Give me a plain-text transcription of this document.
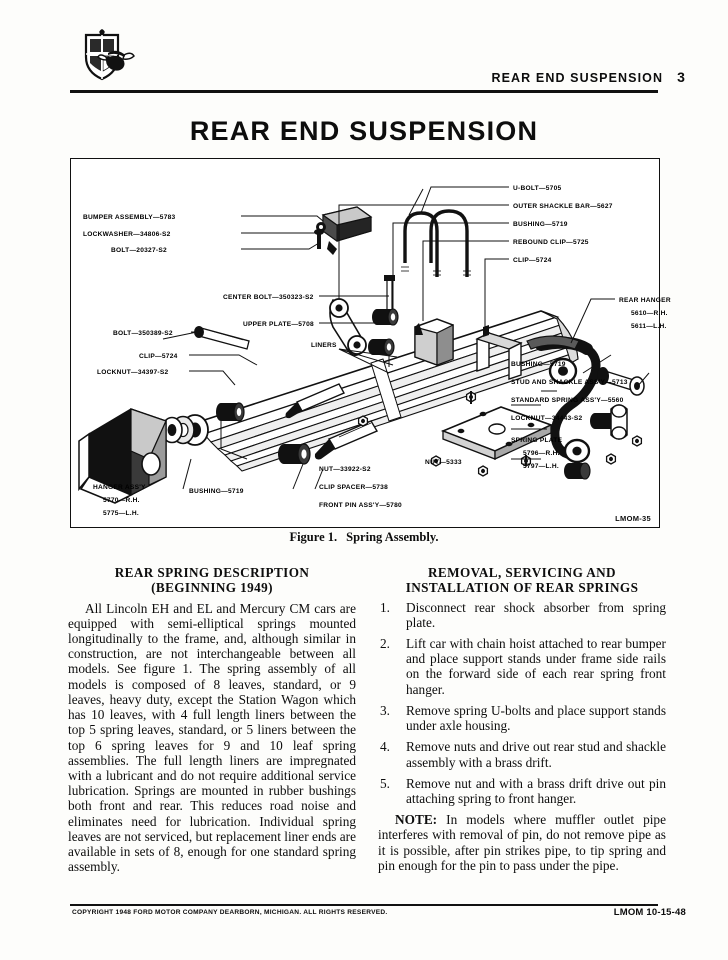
REAR END SUSPENSION 3
REAR END SUSPENSION
BUMPER ASSEMBLY—5783
LOCKWASHER—34806-S2
BOLT—20327-S2
CENTER BOLT—350323-S2
UPPER PLATE—5708
BOLT—350389-S2
CLIP—5724
LINERS
LOCKNUT—34397-S2
BUSHING—5719
NUT—33922-S2
CLIP SPACER—5738
FRONT PIN ASS'Y—5780
HANGER ASS'Y
5770—R.H.
5775—L.H.
U-BOLT—5705
OUTER SHACKLE BAR—5627
BUSHING—5719
REBOUND CLIP—5725
CLIP—5724
REAR HANGER
5610—R.H.
5611—L.H.
BUSHING—5719
STUD AND SHACKLE ASS'Y—5713
STANDARD SPRING ASS'Y—5560
LOCKNUT—34443-S2
SPRING PLATE
5796—R.H.
5797—L.H.
NUT—5333
LMOM-35
Figure 1. Spring Assembly.
REAR SPRING DESCRIPTION
(BEGINNING 1949)

All Lincoln EH and EL and Mercury CM cars are equipped with semi-elliptical springs mounted longitudinally to the frame, and, although similar in construction, are not interchangeable between all models. See figure 1. The spring assembly of all models is composed of 8 leaves, standard, or 9 leaves, heavy duty, except the Station Wagon which has 10 leaves, with 4 full length liners between the top 5 spring leaves, standard, or 5 liners between the top 6 spring leaves for 9 and 10 leaf spring assemblies. The full length liners are impregnated with a lubricant and do not require additional service lubrication. Springs are mounted in rubber bushings both front and rear. This reduces road noise and eliminates need for lubrication. Individual spring leaves are not serviced, but replacement liner ends are available in sets of 8, enough for one standard spring assembly.

REMOVAL, SERVICING AND
INSTALLATION OF REAR SPRINGS
1. Disconnect rear shock absorber from spring plate.
2. Lift car with chain hoist attached to rear bumper and place support stands under frame side rails on the forward side of each rear spring front hanger.
3. Remove spring U-bolts and place support stands under axle housing.
4. Remove nuts and drive out rear stud and shackle assembly with a brass drift.
5. Remove nut and with a brass drift drive out pin attaching spring to front hanger.

NOTE: In models where muffler outlet pipe interferes with removal of pin, do not remove pipe as it is possible, after pin strikes pipe, to tip spring and pin enough for the pin to pass under the pipe.

COPYRIGHT 1948 FORD MOTOR COMPANY DEARBORN, MICHIGAN. ALL RIGHTS RESERVED.	LMOM 10-15-48
